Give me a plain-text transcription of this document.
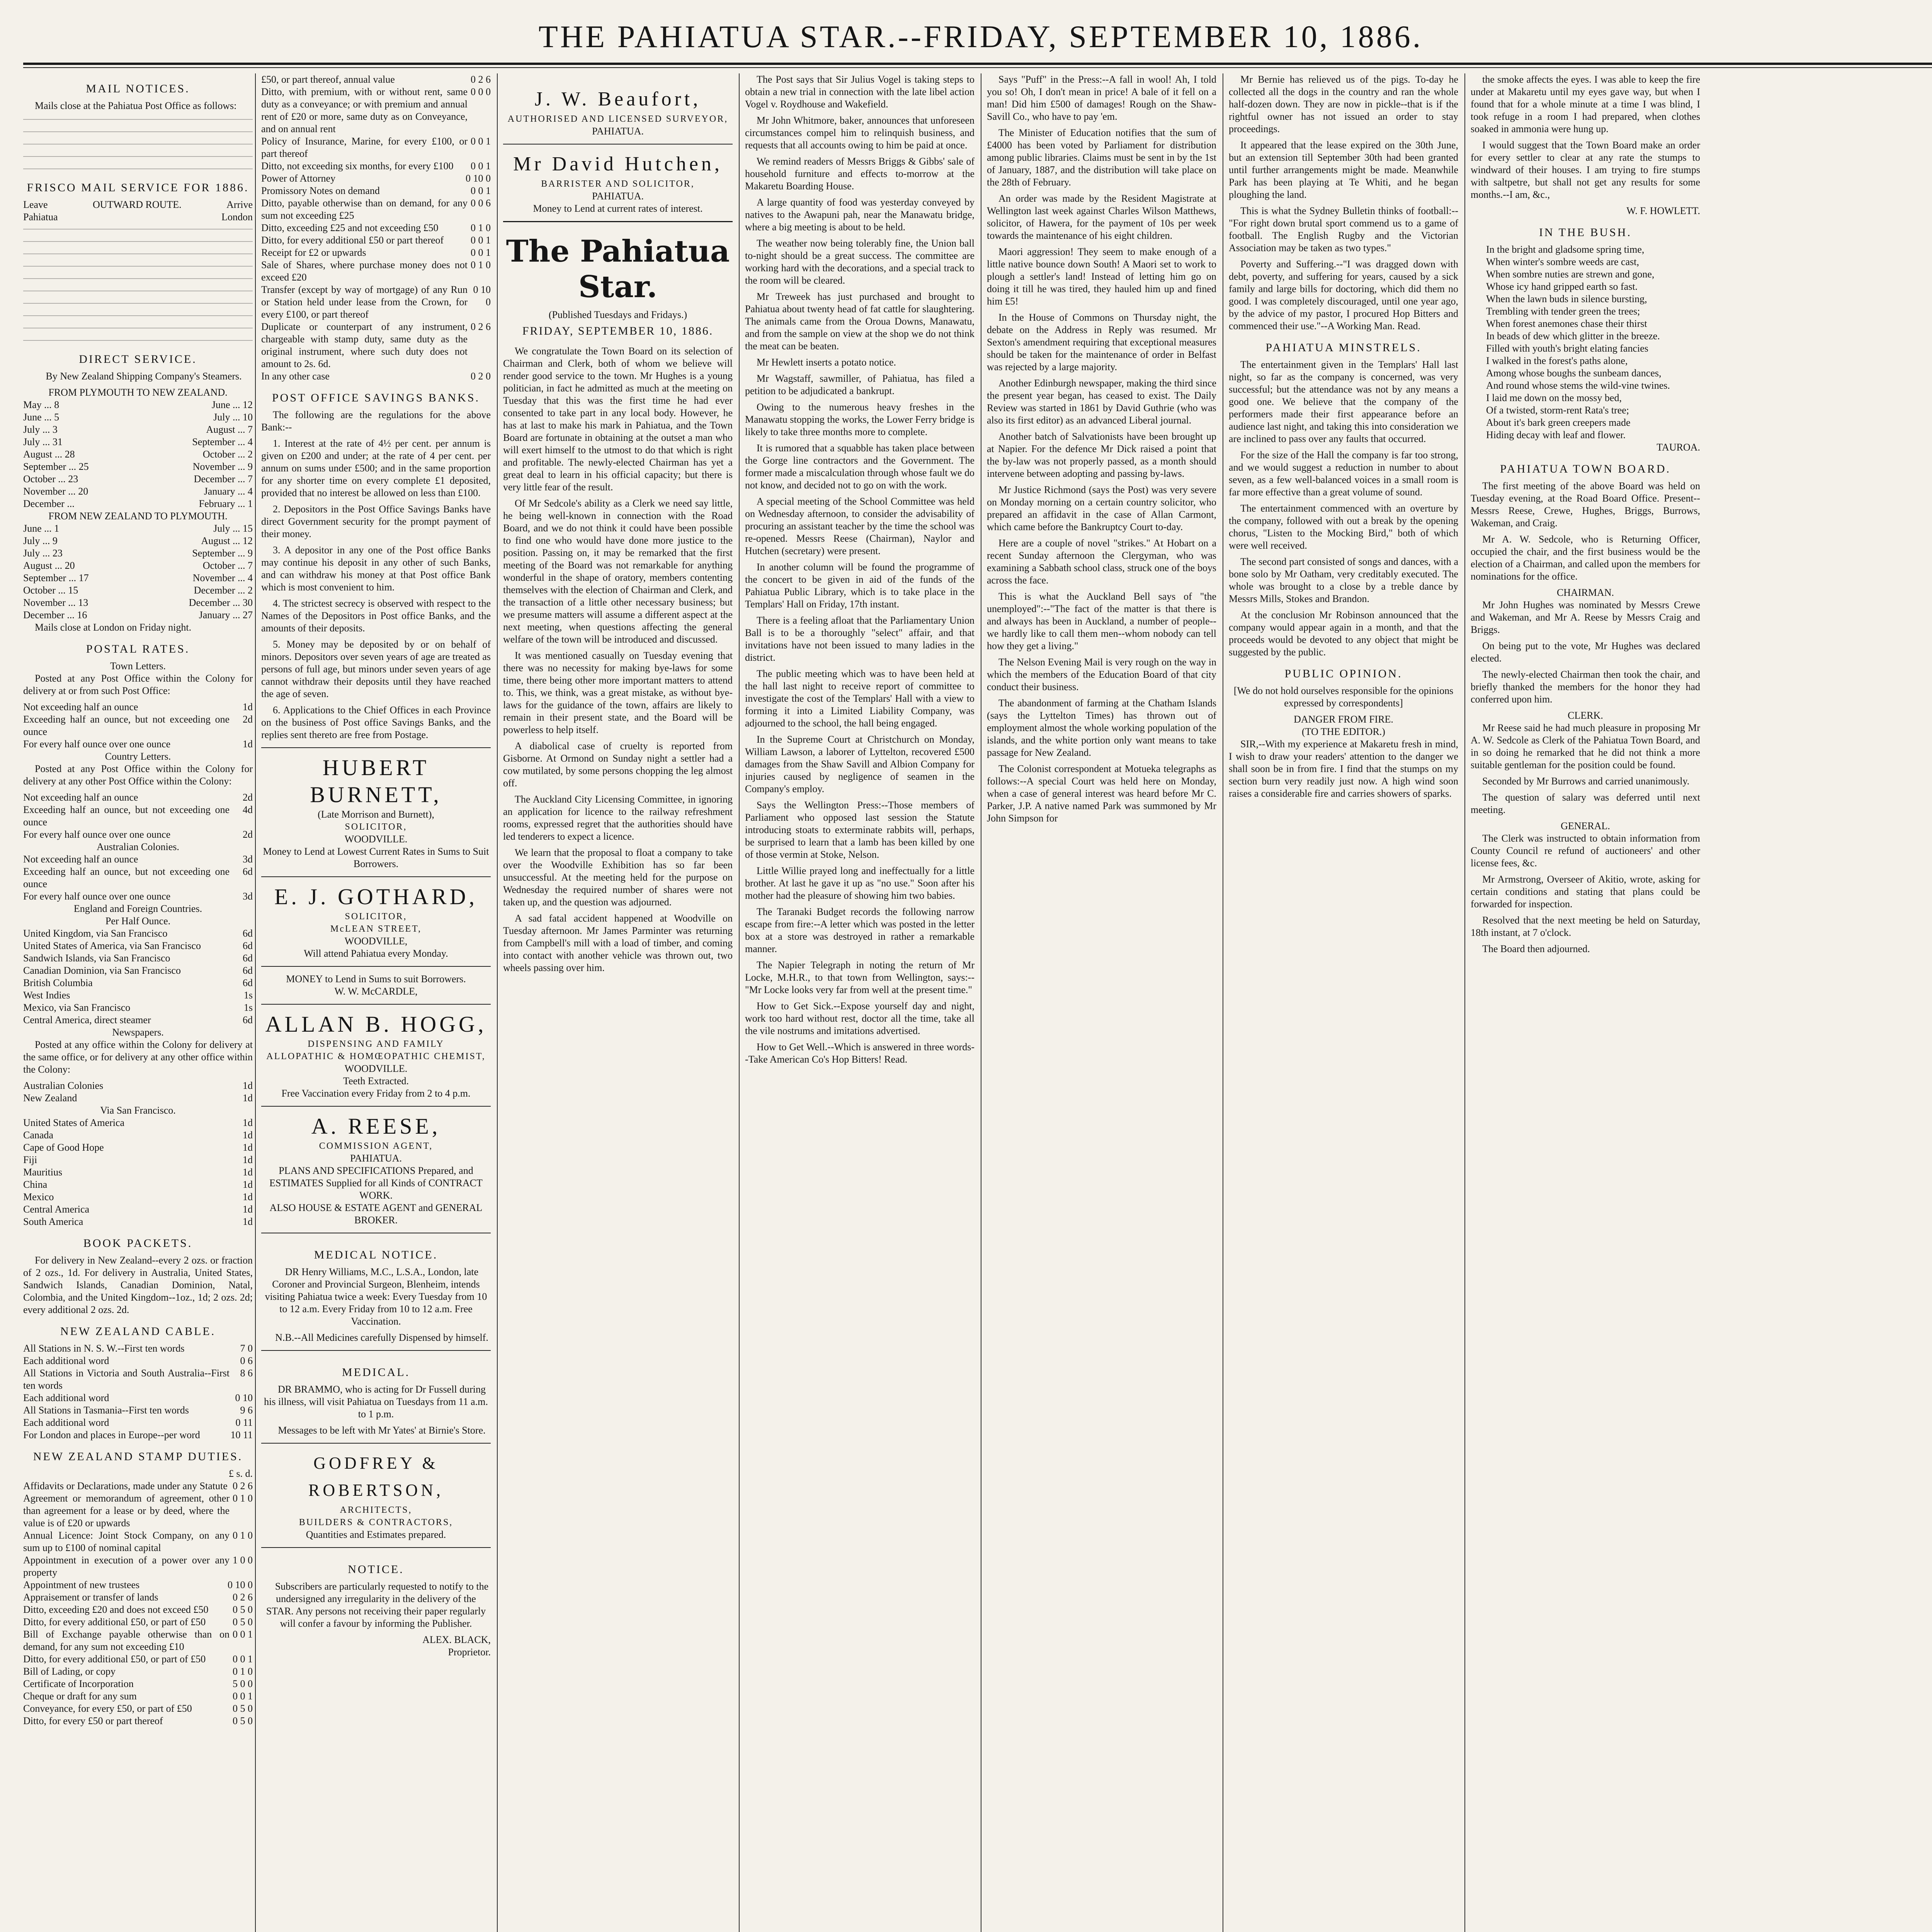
THE PAHIATUA STAR.--FRIDAY, SEPTEMBER 10, 1886.
MAIL NOTICES.

Mails close at the Pahiatua Post Office as follows:

FRISCO MAIL SERVICE FOR 1886.
Leave	OUTWARD ROUTE.	Arrive
Pahiatua	London
DIRECT SERVICE.

By New Zealand Shipping Company's Steamers.

FROM PLYMOUTH TO NEW ZEALAND.
May ... 8	June ... 12
June ... 5	July ... 10
July ... 3	August ... 7
July ... 31	September ... 4
August ... 28	October ... 2
September ... 25	November ... 9
October ... 23	December ... 7
November ... 20	January ... 4
December ...	February ... 1
FROM NEW ZEALAND TO PLYMOUTH.
June ... 1	July ... 15
July ... 9	August ... 12
July ... 23	September ... 9
August ... 20	October ... 7
September ... 17	November ... 4
October ... 15	December ... 2
November ... 13	December ... 30
December ... 16	January ... 27

Mails close at London on Friday night.

POSTAL RATES.
Town Letters.

Posted at any Post Office within the Colony for delivery at or from such Post Office:

Not exceeding half an ounce	1d
Exceeding half an ounce, but not exceeding one ounce
2d
For every half ounce over one ounce	1d
Country Letters.

Posted at any Post Office within the Colony for delivery at any other Post Office within the Colony:

Not exceeding half an ounce	2d
Exceeding half an ounce, but not exceeding one ounce
4d
For every half ounce over one ounce	2d
Australian Colonies.
Not exceeding half an ounce	3d
Exceeding half an ounce, but not exceeding one ounce
6d
For every half ounce over one ounce	3d
England and Foreign Countries.
Per Half Ounce.
United Kingdom, via San Francisco	6d
United States of America, via San Francisco	6d
Sandwich Islands, via San Francisco	6d
Canadian Dominion, via San Francisco	6d
British Columbia	6d
West Indies	1s
Mexico, via San Francisco	1s
Central America, direct steamer	6d
Newspapers.

Posted at any office within the Colony for delivery at the same office, or for delivery at any other office within the Colony:

Australian Colonies	1d
New Zealand	1d
Via San Francisco.
United States of America	1d
Canada	1d
Cape of Good Hope	1d
Fiji	1d
Mauritius	1d
China	1d
Mexico	1d
Central America	1d
South America	1d
BOOK PACKETS.

For delivery in New Zealand--every 2 ozs. or fraction of 2 ozs., 1d. For delivery in Australia, United States, Sandwich Islands, Canadian Dominion, Natal, Colombia, and the United Kingdom--1oz., 1d; 2 ozs. 2d; every additional 2 ozs. 2d.

NEW ZEALAND CABLE.
All Stations in N. S. W.--First ten words	7 0
Each additional word	0 6
All Stations in Victoria and South Australia--First ten words
8 6
Each additional word	0 10
All Stations in Tasmania--First ten words	9 6
Each additional word	0 11
For London and places in Europe--per word	10 11
NEW ZEALAND STAMP DUTIES.
£ s. d.
Affidavits or Declarations, made under any Statute 0 2 6
Agreement or memorandum of agreement, other than agreement for a lease or by deed, where the value is of £20 or upwards
0 1 0
Annual Licence: Joint Stock Company, on any sum up to £100 of nominal capital
0 1 0
Appointment in execution of a power over any property
1 0 0
Appointment of new trustees	0 10 0
Appraisement or transfer of lands	0 2 6
Ditto, exceeding £20 and does not exceed £50	0 5 0
Ditto, for every additional £50, or part of £50	0 5 0
Bill of Exchange payable otherwise than on demand, for any sum not exceeding £10
0 0 1
Ditto, for every additional £50, or part of £50	0 0 1
Bill of Lading, or copy	0 1 0
Certificate of Incorporation	5 0 0
Cheque or draft for any sum	0 0 1
Conveyance, for every £50, or part of £50	0 5 0
Ditto, for every £50 or part thereof	0 5 0
£50, or part thereof, annual value	0 2 6
Ditto, with premium, with or without rent, same duty as a conveyance; or with premium and annual rent of £20 or more, same duty as on Conveyance, and on annual rent
0 0 0
Policy of Insurance, Marine, for every £100, or part thereof
0 0 1
Ditto, not exceeding six months, for every £100	0 0 1
Power of Attorney	0 10 0
Promissory Notes on demand	0 0 1
Ditto, payable otherwise than on demand, for any sum not exceeding £25
0 0 6
Ditto, exceeding £25 and not exceeding £50	0 1 0
Ditto, for every additional £50 or part thereof	0 0 1
Receipt for £2 or upwards	0 0 1
Sale of Shares, where purchase money does not exceed £20
0 1 0
Transfer (except by way of mortgage) of any Run or Station held under lease from the Crown, for every £100, or part thereof
0 10 0
Duplicate or counterpart of any instrument, chargeable with stamp duty, same duty as the original instrument, where such duty does not amount to 2s. 6d.
0 2 6
In any other case	0 2 0
POST OFFICE SAVINGS BANKS.

The following are the regulations for the above Bank:--

1. Interest at the rate of 4½ per cent. per annum is given on £200 and under; at the rate of 4 per cent. per annum on sums under £500; and in the same proportion for any shorter time on every complete £1 deposited, provided that no interest be allowed on less than £100.

2. Depositors in the Post Office Savings Banks have direct Government security for the prompt payment of their money.

3. A depositor in any one of the Post office Banks may continue his deposit in any other of such Banks, and can withdraw his money at that Post office Bank which is most convenient to him.

4. The strictest secrecy is observed with respect to the Names of the Depositors in Post office Banks, and the amounts of their deposits.

5. Money may be deposited by or on behalf of minors. Depositors over seven years of age are treated as persons of full age, but minors under seven years of age cannot withdraw their deposits until they have reached the age of seven.

6. Applications to the Chief Offices in each Province on the business of Post office Savings Banks, and the replies sent thereto are free from Postage.

HUBERT BURNETT,
(Late Morrison and Burnett),
SOLICITOR,
WOODVILLE.
Money to Lend at Lowest Current Rates in Sums to Suit Borrowers.
E. J. GOTHARD,
SOLICITOR,
McLEAN STREET,
WOODVILLE,
Will attend Pahiatua every Monday.
MONEY to Lend in Sums to suit Borrowers.
W. W. McCARDLE,
ALLAN B. HOGG,
DISPENSING AND FAMILY
ALLOPATHIC & HOMŒOPATHIC CHEMIST,
WOODVILLE.
Teeth Extracted.
Free Vaccination every Friday from 2 to 4 p.m.
A. REESE,
COMMISSION AGENT,
PAHIATUA.
PLANS AND SPECIFICATIONS Prepared, and ESTIMATES Supplied for all Kinds of CONTRACT WORK.
ALSO HOUSE & ESTATE AGENT and GENERAL BROKER.
MEDICAL NOTICE.

DR Henry Williams, M.C., L.S.A., London, late Coroner and Provincial Surgeon, Blenheim, intends visiting Pahiatua twice a week: Every Tuesday from 10 to 12 a.m. Every Friday from 10 to 12 a.m. Free Vaccination.

N.B.--All Medicines carefully Dispensed by himself.

MEDICAL.

DR BRAMMO, who is acting for Dr Fussell during his illness, will visit Pahiatua on Tuesdays from 11 a.m. to 1 p.m.

Messages to be left with Mr Yates' at Birnie's Store.

GODFREY & ROBERTSON,
ARCHITECTS,
BUILDERS & CONTRACTORS,
Quantities and Estimates prepared.
NOTICE.

Subscribers are particularly requested to notify to the undersigned any irregularity in the delivery of the STAR. Any persons not receiving their paper regularly will confer a favour by informing the Publisher.

ALEX. BLACK,
Proprietor.
J. W. Beaufort,
AUTHORISED AND LICENSED SURVEYOR,
PAHIATUA.
Mr David Hutchen,
BARRISTER AND SOLICITOR,
PAHIATUA.
Money to Lend at current rates of interest.
The Pahiatua Star.
(Published Tuesdays and Fridays.)
FRIDAY, SEPTEMBER 10, 1886.

We congratulate the Town Board on its selection of Chairman and Clerk, both of whom we believe will render good service to the town. Mr Hughes is a young politician, in fact he admitted as much at the meeting on Tuesday that this was the first time he had ever consented to take part in any local body. However, he has at last to make his mark in Pahiatua, and the Town Board are fortunate in obtaining at the outset a man who will exert himself to the utmost to do that which is right and profitable. The newly-elected Chairman has yet a great deal to learn in his official capacity; but there is very little fear of the result.

Of Mr Sedcole's ability as a Clerk we need say little, he being well-known in connection with the Road Board, and we do not think it could have been possible to find one who would have done more justice to the position. Passing on, it may be remarked that the first meeting of the Board was not remarkable for anything wonderful in the shape of oratory, members contenting themselves with the election of Chairman and Clerk, and the transaction of a little other necessary business; but we presume matters will assume a different aspect at the next meeting, when questions affecting the general welfare of the town will be introduced and discussed.

It was mentioned casually on Tuesday evening that there was no necessity for making bye-laws for some time, there being other more important matters to attend to. This, we think, was a great mistake, as without bye-laws for the guidance of the town, affairs are likely to remain in their present state, and the Board will be powerless to help itself.

A diabolical case of cruelty is reported from Gisborne. At Ormond on Sunday night a settler had a cow mutilated, by some persons chopping the leg almost off.

The Auckland City Licensing Committee, in ignoring an application for licence to the railway refreshment rooms, expressed regret that the authorities should have led tenderers to expect a licence.

We learn that the proposal to float a company to take over the Woodville Exhibition has so far been unsuccessful. At the meeting held for the purpose on Wednesday the required number of shares were not taken up, and the question was adjourned.

A sad fatal accident happened at Woodville on Tuesday afternoon. Mr James Parminter was returning from Campbell's mill with a load of timber, and coming into contact with another vehicle was thrown out, two wheels passing over him.

The Post says that Sir Julius Vogel is taking steps to obtain a new trial in connection with the late libel action Vogel v. Roydhouse and Wakefield.

Mr John Whitmore, baker, announces that unforeseen circumstances compel him to relinquish business, and requests that all accounts owing to him be paid at once.

We remind readers of Messrs Briggs & Gibbs' sale of household furniture and effects to-morrow at the Makaretu Boarding House.

A large quantity of food was yesterday conveyed by natives to the Awapuni pah, near the Manawatu bridge, where a big meeting is about to be held.

The weather now being tolerably fine, the Union ball to-night should be a great success. The committee are working hard with the decorations, and a special track to the room will be cleared.

Mr Treweek has just purchased and brought to Pahiatua about twenty head of fat cattle for slaughtering. The animals came from the Oroua Downs, Manawatu, and from the sample on view at the shop we do not think the meat can be beaten.

Mr Hewlett inserts a potato notice.

Mr Wagstaff, sawmiller, of Pahiatua, has filed a petition to be adjudicated a bankrupt.

Owing to the numerous heavy freshes in the Manawatu stopping the works, the Lower Ferry bridge is likely to take three months more to complete.

It is rumored that a squabble has taken place between the Gorge line contractors and the Government. The former made a miscalculation through whose fault we do not know, and decided not to go on with the work.

A special meeting of the School Committee was held on Wednesday afternoon, to consider the advisability of procuring an assistant teacher by the time the school was re-opened. Messrs Reese (Chairman), Naylor and Hutchen (secretary) were present.

In another column will be found the programme of the concert to be given in aid of the funds of the Pahiatua Public Library, which is to take place in the Templars' Hall on Friday, 17th instant.

There is a feeling afloat that the Parliamentary Union Ball is to be a thoroughly "select" affair, and that invitations have not been issued to many ladies in the district.

The public meeting which was to have been held at the hall last night to receive report of committee to investigate the cost of the Templars' Hall with a view to forming it into a Limited Liability Company, was adjourned to the school, the hall being engaged.

In the Supreme Court at Christchurch on Monday, William Lawson, a laborer of Lyttelton, recovered £500 damages from the Shaw Savill and Albion Company for injuries caused by negligence of seamen in the Company's employ.

Says the Wellington Press:--Those members of Parliament who opposed last session the Statute introducing stoats to exterminate rabbits will, perhaps, be surprised to learn that a lamb has been killed by one of those vermin at Stoke, Nelson.

Little Willie prayed long and ineffectually for a little brother. At last he gave it up as "no use." Soon after his mother had the pleasure of showing him two babies.

The Taranaki Budget records the following narrow escape from fire:--A letter which was posted in the letter box at a store was destroyed in rather a remarkable manner.

The Napier Telegraph in noting the return of Mr Locke, M.H.R., to that town from Wellington, says:--"Mr Locke looks very far from well at the present time."

How to Get Sick.--Expose yourself day and night, work too hard without rest, doctor all the time, take all the vile nostrums and imitations advertised.

How to Get Well.--Which is answered in three words--Take American Co's Hop Bitters! Read.

Says "Puff" in the Press:--A fall in wool! Ah, I told you so! Oh, I don't mean in price! A bale of it fell on a man! Did him £500 of damages! Rough on the Shaw-Savill Co., who have to pay 'em.

The Minister of Education notifies that the sum of £4000 has been voted by Parliament for distribution among public libraries. Claims must be sent in by the 1st of January, 1887, and the distribution will take place on the 28th of February.

An order was made by the Resident Magistrate at Wellington last week against Charles Wilson Matthews, solicitor, of Hawera, for the payment of 10s per week towards the maintenance of his eight children.

Maori aggression! They seem to make enough of a little native bounce down South! A Maori set to work to plough a settler's land! Instead of letting him go on doing it till he was tired, they hauled him up and fined him £5!

In the House of Commons on Thursday night, the debate on the Address in Reply was resumed. Mr Sexton's amendment requiring that exceptional measures should be taken for the maintenance of order in Belfast was rejected by a large majority.

Another Edinburgh newspaper, making the third since the present year began, has ceased to exist. The Daily Review was started in 1861 by David Guthrie (who was also its first editor) as an advanced Liberal journal.

Another batch of Salvationists have been brought up at Napier. For the defence Mr Dick raised a point that the by-law was not properly passed, as a month should intervene between adopting and passing by-laws.

Mr Justice Richmond (says the Post) was very severe on Monday morning on a certain country solicitor, who prepared an affidavit in the case of Allan Carmont, which came before the Bankruptcy Court to-day.

Here are a couple of novel "strikes." At Hobart on a recent Sunday afternoon the Clergyman, who was examining a Sabbath school class, struck one of the boys across the face.

This is what the Auckland Bell says of "the unemployed":--"The fact of the matter is that there is and always has been in Auckland, a number of people--we hardly like to call them men--whom nobody can tell how they get a living."

The Nelson Evening Mail is very rough on the way in which the members of the Education Board of that city conduct their business.

The abandonment of farming at the Chatham Islands (says the Lyttelton Times) has thrown out of employment almost the whole working population of the islands, and the white portion only want means to take passage for New Zealand.

The Colonist correspondent at Motueka telegraphs as follows:--A special Court was held here on Monday, when a case of general interest was heard before Mr C. Parker, J.P. A native named Park was summoned by Mr John Simpson for

Mr Bernie has relieved us of the pigs. To-day he collected all the dogs in the country and ran the whole half-dozen down. They are now in pickle--that is if the rightful owner has not issued an order to stay proceedings.

It appeared that the lease expired on the 30th June, but an extension till September 30th had been granted until further arrangements might be made. Meanwhile Park has been playing at Te Whiti, and he began ploughing the land.

This is what the Sydney Bulletin thinks of football:--"For right down brutal sport commend us to a game of football. The English Rugby and the Victorian Association may be taken as two types."

Poverty and Suffering.--"I was dragged down with debt, poverty, and suffering for years, caused by a sick family and large bills for doctoring, which did them no good. I was completely discouraged, until one year ago, by the advice of my pastor, I procured Hop Bitters and commenced their use."--A Working Man. Read.

PAHIATUA MINSTRELS.

The entertainment given in the Templars' Hall last night, so far as the company is concerned, was very successful; but the attendance was not by any means a good one. We believe that the company of the performers made their first appearance before an audience last night, and taking this into consideration we are inclined to pass over any faults that occurred.

For the size of the Hall the company is far too strong, and we would suggest a reduction in number to about seven, as a few well-balanced voices in a small room is far more effective than a great volume of sound.

The entertainment commenced with an overture by the company, followed with out a break by the opening chorus, "Listen to the Mocking Bird," both of which were well received.

The second part consisted of songs and dances, with a bone solo by Mr Oatham, very creditably executed. The whole was brought to a close by a treble dance by Messrs Mills, Stokes and Brandon.

At the conclusion Mr Robinson announced that the company would appear again in a month, and that the proceeds would be devoted to any object that might be suggested by the public.

PUBLIC OPINION.

[We do not hold ourselves responsible for the opinions expressed by correspondents]

DANGER FROM FIRE.
(TO THE EDITOR.)

SIR,--With my experience at Makaretu fresh in mind, I wish to draw your readers' attention to the danger we shall soon be in from fire. I find that the stumps on my section burn very readily just now. A high wind soon raises a considerable fire and carries showers of sparks.

the smoke affects the eyes. I was able to keep the fire under at Makaretu until my eyes gave way, but when I found that for a whole minute at a time I was blind, I took refuge in a room I had prepared, when clothes soaked in ammonia were hung up.

I would suggest that the Town Board make an order for every settler to clear at any rate the stumps to windward of their houses. I am trying to fire stumps with saltpetre, but shall not get any results for some months.--I am, &c.,

W. F. HOWLETT.
IN THE BUSH.
In the bright and gladsome spring time,
When winter's sombre weeds are cast,
When sombre nuties are strewn and gone,
Whose icy hand gripped earth so fast.
When the lawn buds in silence bursting,
Trembling with tender green the trees;
When forest anemones chase their thirst
In beads of dew which glitter in the breeze.
Filled with youth's bright elating fancies
I walked in the forest's paths alone,
Among whose boughs the sunbeam dances,
And round whose stems the wild-vine twines.
I laid me down on the mossy bed,
Of a twisted, storm-rent Rata's tree;
About it's bark green creepers made
Hiding decay with leaf and flower.
TAUROA.
PAHIATUA TOWN BOARD.

The first meeting of the above Board was held on Tuesday evening, at the Road Board Office. Present--Messrs Reese, Crewe, Hughes, Briggs, Burrows, Wakeman, and Craig.

Mr A. W. Sedcole, who is Returning Officer, occupied the chair, and the first business would be the election of a Chairman, and called upon the members for nominations for the office.

CHAIRMAN.

Mr John Hughes was nominated by Messrs Crewe and Wakeman, and Mr A. Reese by Messrs Craig and Briggs.

On being put to the vote, Mr Hughes was declared elected.

The newly-elected Chairman then took the chair, and briefly thanked the members for the honor they had conferred upon him.

CLERK.

Mr Reese said he had much pleasure in proposing Mr A. W. Sedcole as Clerk of the Pahiatua Town Board, and in so doing he remarked that he did not think a more suitable gentleman for the position could be found.

Seconded by Mr Burrows and carried unanimously.

The question of salary was deferred until next meeting.

GENERAL.

The Clerk was instructed to obtain information from County Council re refund of auctioneers' and other license fees, &c.

Mr Armstrong, Overseer of Akitio, wrote, asking for certain conditions and stating that plans could be forwarded for inspection.

Resolved that the next meeting be held on Saturday, 18th instant, at 7 o'clock.

The Board then adjourned.
